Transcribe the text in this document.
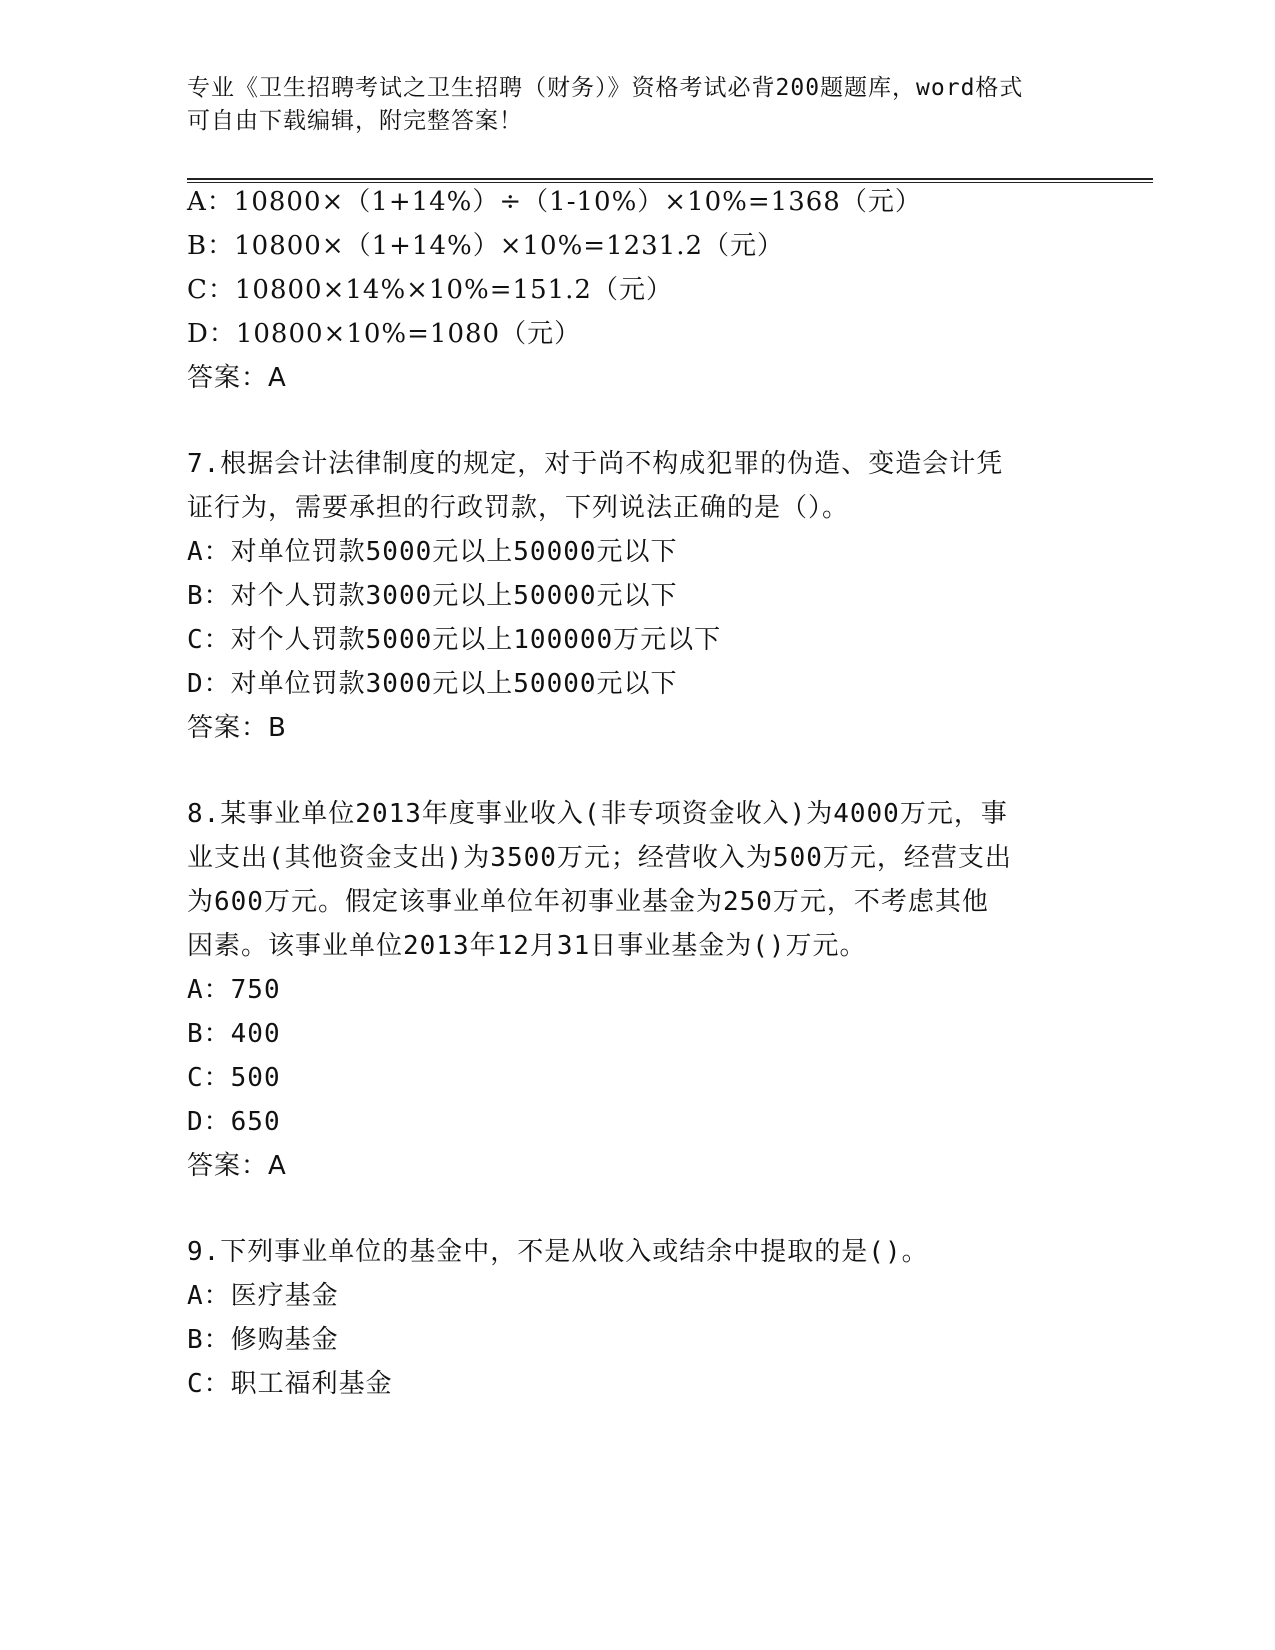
专业《卫生招聘考试之卫生招聘（财务）》资格考试必背200题题库，word格式
可自由下载编辑，附完整答案！
A：10800×（1+14%）÷（1-10%）×10%=1368（元）
B：10800×（1+14%）×10%=1231.2（元）
C：10800×14%×10%=151.2（元）
D：10800×10%=1080（元）
答案：A
7.根据会计法律制度的规定，对于尚不构成犯罪的伪造、变造会计凭
证行为，需要承担的行政罚款，下列说法正确的是（）。
A：对单位罚款5000元以上50000元以下
B：对个人罚款3000元以上50000元以下
C：对个人罚款5000元以上100000万元以下
D：对单位罚款3000元以上50000元以下
答案：B
8.某事业单位2013年度事业收入(非专项资金收入)为4000万元，事
业支出(其他资金支出)为3500万元；经营收入为500万元，经营支出
为600万元。假定该事业单位年初事业基金为250万元，不考虑其他
因素。该事业单位2013年12月31日事业基金为()万元。
A：750
B：400
C：500
D：650
答案：A
9.下列事业单位的基金中，不是从收入或结余中提取的是()。
A：医疗基金
B：修购基金
C：职工福利基金
